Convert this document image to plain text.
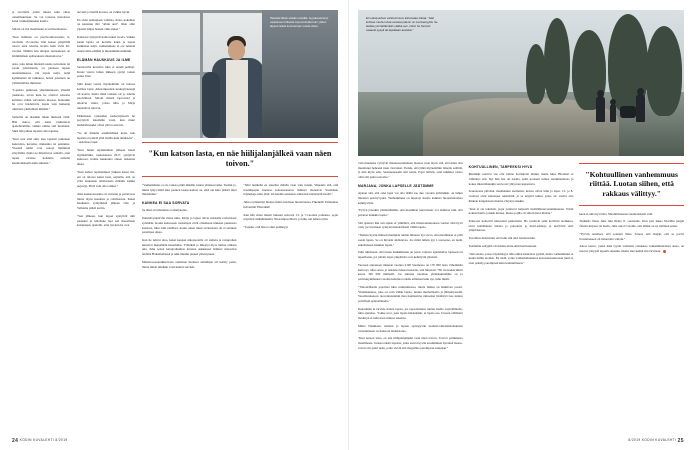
ja tavoitella jotain muuta kuin omaa onnellisuuttaan. Se voi toisessa muodossa kaiut vanhemmuuden kautta.

Siitoin on iloi maailmaan ja tarvitsemaansa.

"Kun ihminen on puolivoimavuonan, 6-vuotiaita 13-vuotias, hän kokee ympärillä olevat asiat teiselta tavalla kuin vielä 40-vuotias. Nähtiin han aikojen seuraantaan on äärimmäisen epätarakasta rikastuttavaa."

Asia, joka luhun mielestä useite uuvuttaan tai jotain yrismisteriä, on jokaisen lapsen aintaitamisessa. On lapsia neljä, neljä kymmenisä tai tuhkuusa, heistä jokainen on ymmärrämisa ihmisten.

"Lapsista puhutaan yhteiskunnassa ylitemä joukkona, arvan kuin he olisivat toisensa kaltaisia vähän valvokisia massaa. Kaiteskin he ovat hoidettavia lapsia vain heikenja olkivästa yksilöllistä ihmisiä."

Samoilla on tässäkin luhun mielestä väliä. Hän uskoo, että aanat vaikuttavat ajattelutamme, vaikka emme sitä huomaisi. Siksi hän puhuu lapsista aina lapsina.

"Kun saat sinä sinä, kun lapsista puhutaan kakaroina, kerssina, muksuina tai pennuina. Yleensä nämä ovat sanoja lämmintä sävyttämä, mutta ne ilmoittavat samalla, ettei lapsia tarvitse kohdella samalla kunnioituksella kuin aikuisia."

terveitä ja meillä kotona, on valkka hyvin.

En olein kehtaalaan valttisia. Koko kokemus on kantanut tätä "allain anti". Olen ollut ylpeäsi lahjaa hoksin oliin ennen."

Kaksoset syntyivät kohta kaksi vuotta. Vaikka pienä lapsia on kerralla kaksi ja lapsia kaikkiaan neljä, vanhemmuus ei ole tuhantä ennen sittia elämää ja mielenkiintoisimmin.

ELÄMÄN HAUSKUUS JA ILME

Seuraavilla kerroilla luhu ei ennää pelänyt. Kuusi vuotta luhun jäkkeen syntyi toinen poika Unto.

Siitä kuusi vuotta myöhemmin oli tulossa kolmas lapsi. Aikarankaaden keskeytyneenjä oli koettu, mutta tämä raskaus oli jo lahella puolvälissä. Siitoin meistä laprovelet ja aikoivat viikot, joissa luhu ja Mirja tutustuivat tulevan.

Pääkiskeen raskauden keskeytykseeli he poytyivät tekemään vasta, kun muut mahdollisuudet olivat yhtä tovetonta.

"Se oli minulle ensimmäinen kerta, kun lapsista ei pidetä yhtä sisällä kuin aikuisista" -- tarkoittaa lapsi.

"Kun luhun tapahtumnen jälkeen kuusi myöhemmin, toukokuussa 2017, syntyivät kaksoset, kolme kuukautta ennen laskettua aikaa.

"Kun kahen tapahtumnen jälkeen kuusi illa, etä on tulossa kaksi lasta, aajttelin, että on yritä etukateen emaluoksia miksiin kaikki jarjestyi. Pitää vain olla rohkea."

Aika keskuosesaalta oli outoutta ja pelottavaa mutta myös kaunista ja rohvikaasta. Kaksi kuukautta syntymästä jälkeen Otto ja Velhamu päästi kotiin.

"Sen jälkeen, kun lapset syntyivät nim piensinä ja käivänne lapi sen iheeellisen kokuniqun, ajattelin, ettei nyt kun he ovat

Hanskat tilkan sisään rutistilla. Isyydessä lenyt varjoisuus hulluutta turpoonmalta kuin yhden lapsen isänä tummennan vuotta sitten.
"Kun katson lasta, en näe hiilijalanjälkeä vaan näen toivon."

"Vanhemmuus ei ole raakaa pitkä mikään raskas yhteiseovaihe. Tiedän jo, miten lyhyt tämä aika pienten lasten kanssa on, etkä ole kiire päästä tästä mineskään."

KANKEA EI SAA SORVATA

Se läksi arvoihannista rockaljaloina.

Iturnitävysipärvän iltana luhu, Matja ja lapset olivat markalla ravintolaan syömään. Koska kaksoseen ruokalapat eivät olleetkaan mukaan pakatussa kassissa, luhu vätti edelliset, koska oman muut ravintolaan oli ei sattunut parempaa aikaa.

Kun he tulivat uloa, kaksi kaupan ulkopuolella oli saltieta ja ratsupolkut huusivat menemään kauemmas. Yrittäkää jo läksytyt myrs turmet uttkaan uha. Juhu seisoi katolpolkumaa karussa sukkeiseet ihmiset marssivat laidalla Hakaniemessä ja näki muniin pienen yhteisytteen.

Mielenosonotuikkaavaan osallisten likolleet suitulliput oli keritty perin, mutta ilman niitäkän voisi kuinsä selvästi.

"Siltä heilkellä en ajatellut mitään vaan vain tunsin. Vihaanla sitä, että naatilupapin karussa kokoneesnevet ihmiset marssivat Suomleen käyletkaja tuttu yhtä, etä heidän aatteensa edustaisit niistynyält itsellä."

Juhu ei pääteinyt huolua mutta huomaat huutavaansa. Piketkää! Painuukaa helvettiin! Hävetkää!

Kun hän sitten muisti tukaaan seisovat 13- ja 7-vuotiaat poikansa, pojat näyttivät säikähtäneiltä. Nuorempaa Murtt, ja luhu osti hänen sylin.

"Tajusin, että hän ei oltut peläänyyt

24 KODIN KUVALEHTI 8/2019
Eri sukupuolven vanhemmuus kiinnostaa Juhaa. "Isän kohtuet miehet olvat suisista palenn on menneisyyttä. Se aiattaa ymmärtämään vaikka sen, miten he hervoin osaavat pysyä tai lapsiltaan aveluksi."

vain muutama vyötyvät mielenosontuikaan massaa vaan myös sitä, että minä olin muuttunut heheenä itsen vievaaksi. Tietsin, että jälkä myrkemmin hänelle selittää, ja niin myös sein. Saataneneaatin sitti kaula. Pojat nälivät, ettei kukkhea tartuo ollut sitä paitsi saavalta."

MARJANA, JONKA LAPSELLE JÄÄTÄMME

Ajanan sitä, että oma lapsi voi olla täällä saa duo vuoden päivinäkin, on luhun mielestä pelottyvyskä. Vanhemmuus on huonoyt huolta kaikista huolestuttavista kehittyvästa.

"Pyvyn joseskin ymmärtämään, että maailman tulevaisuus voi ahdistaa niin, että pelottaa hankkia lapsia."

Sitä ajatusta hän sen sijaan ei ymmärrä, että ilmastomuutoksen vuoksi olisi hyvä vain, jos Suomeen syntyisi mahdollisesti vähän lapsia.

"Tiemen hyvän ilmisen mielipide tuntuu minusta nyt oleva, että maailmaan ei pidä saada lapsia. Se on hirveän ahdistavaa. Jos minä tulisin nyt 1-vuoteena, en tiedä, uskaltaiseen hankkia lapsia."

Juhu tulkitseen, että lasten hankkimisen on paras vaijotaa ajanteluttaa lapiseen tai lapsellaana, jos jollain tapaa ympäristö ovat kehittyvät yhteistä.

Tuoreen ennasteen mukaan vuonna 2100 Suomessa on 170 000 lasta vähemmän kuin nyt, luhu sanoo ja tarkistaa hakaa konselta, että lukotoin: "Eli vuoteeksi mititi kavaa 320 000 ihmiselli. Jos ennuste toteutuu, yhteiskuntamme on ja partioskymmenen vuoden kuluttua todella erilainen kuin nyt, luhu mietti.

"Tänodellisella pajoiltaa luhu esimerkkonsa, mutta lisäksi on heikitven paosti. Yhteiskuntaaa, joka on vain vähän lapsia, tuntuu murhelliselta ja jähtseityesellä. Vaestönraketeen ruoventuistemm maa hanmasitna ratkaatset lisääntyä taas tuntuu polittiveli epärealtheuba."

Keneskään ei tarvitse haluta lapsia, jos lapsettomuus tuntuu itselle sopivimmalta, luhu ajattelee. "Jokke uvot, joka lapsia halaisinkin, ei lapsia saa. Useaan elämässä merkityn ei tulla itsen muissa askeisia.

Mutta Thalmaan- matkan ja lapsen synnytyvän tuomisi-toilidoiiskokunnen vertaamineen on halusoia mahdotonta.

"Kun kateon lasta, en näe hiilijalanjäljekä vaan näen toivon. Toivon parmmasta maailmasta. Juokaa näistä lapsista, jotka saavat kyvän kouluhiinen hyvaksä maasa, voivat olla juuri neita, jotka vievät sitä magaillua parempaan suuntaan."

KOHTUULLINEN, TARPEEKSI HYVÄ

Muutikki saattvat vaa olla torhan hovinkoisi niinkä, mutta luhu. Hkomeri ei välittänyt sitä. Nyt hän itse oli isaalla, seitii kookerit tumaa sentimnenttaaa ja kokee mietettäuunkin sen kovet yhtyveen kapaalotta.

Seuraavana päivänä, maaliskuun suomenta, keiosa olivat luhu ja lapet. 13- ja 8- vuotiaat eivät kekoineet tekstisiitä, ja se lenyttti luhua, joska olo saattvi olla lhiukan kangaistaen muutta väsynyt ainakin.

"Kun ei ole tekstistä, pojat jouttuvat helpostli mollilitliutevonteimuuteen. Yritin kokusä heillo jotakin muuaa, mutta pojilla oli silloin huvi lilnaan."

Kaksoset kohotvät teksestetti paikoitetin. He verelivät asiki kottiivin laatikkoa, eivat kaitäinkaan iskatta ja pojuointa ja muvi-kalhoja ja kevitävät sitiz ympäristossa.

Tavallista meitteiskä, että luhu sitä olisi hermosutuut.

Taallaikin seityjätä oli tieiden nititu ehiit hermosutuut.

"Om asioita, joissa täydellisyys tmta eihiai kannattaa pyrkiä, mutta vanhemmuus ei kuulu niihin aioiden. En tiedä, voiko vanhemmuudessa kokonaisuudessaan juuri-ta olen paäsiiy parempaan kuin kohtuulliseen."

"Kohtuullinen vanhemmuus riittää. Luotan siihen, että rakkaus välittyy."

keen ei tulla hyvä Ilta. Maailmisiseena suometarkasti vaid.

Tesikkiri iltana Juha luki Ilialta 8- vuotiaalle. Kun pari lukua Mosldin jengin Öiaivn kirjasta oli luettu, Juha sanoi L'etoille, että tämän on tja tiellinen poika.

"Pyvvm antelleel, että sounain lihaa. Sanon, että itsejän, että se portvi ilvauuiteneen oli ilsiantotiu valloin."

Ainoa neuvo, jonka luhu tyysin vanmasti ottaakkaa vanhemmuudesta antaa, on nuoves ymyjstä lapsella annetke olkein, kun kehitä sitä tarvitaan.

8/2019 KODIN KUVALEHTI 25
